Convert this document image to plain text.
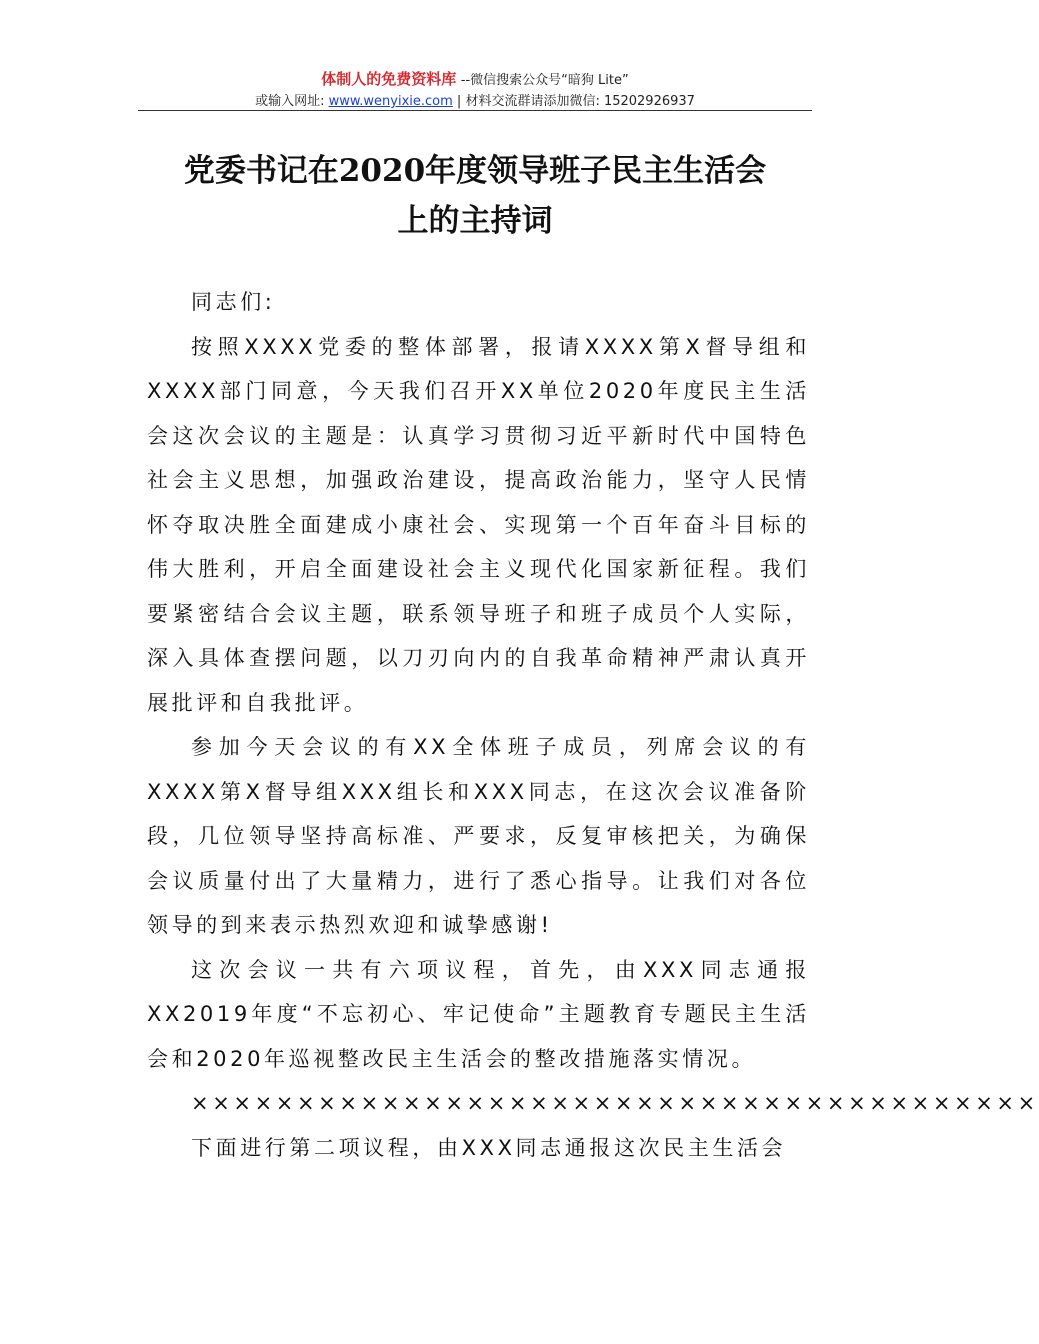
体制人的免费资料库 --微信搜索公众号“暗狗 Lite”
或输入网址: www.wenyixie.com | 材料交流群请添加微信: 15202926937
党委书记在2020年度领导班子民主生活会
上的主持词

同志们:

按照XXXX党委的整体部署，报请XXXX第X督导组和XXXX部门同意，今天我们召开XX单位2020年度民主生活会这次会议的主题是：认真学习贯彻习近平新时代中国特色社会主义思想，加强政治建设，提高政治能力，坚守人民情怀夺取决胜全面建成小康社会、实现第一个百年奋斗目标的伟大胜利，开启全面建设社会主义现代化国家新征程。我们要紧密结合会议主题，联系领导班子和班子成员个人实际，深入具体查摆问题，以刀刃向内的自我革命精神严肃认真开展批评和自我批评。

参加今天会议的有XX全体班子成员，列席会议的有XXXX第X督导组XXX组长和XXX同志，在这次会议准备阶段，几位领导坚持高标准、严要求，反复审核把关，为确保会议质量付出了大量精力，进行了悉心指导。让我们对各位领导的到来表示热烈欢迎和诚挚感谢!

这次会议一共有六项议程，首先，由XXX同志通报XX2019年度“不忘初心、牢记使命”主题教育专题民主生活会和2020年巡视整改民主生活会的整改措施落实情况。

××××××××××××××××××××××××××××××××××××××××

下面进行第二项议程，由XXX同志通报这次民主生活会
